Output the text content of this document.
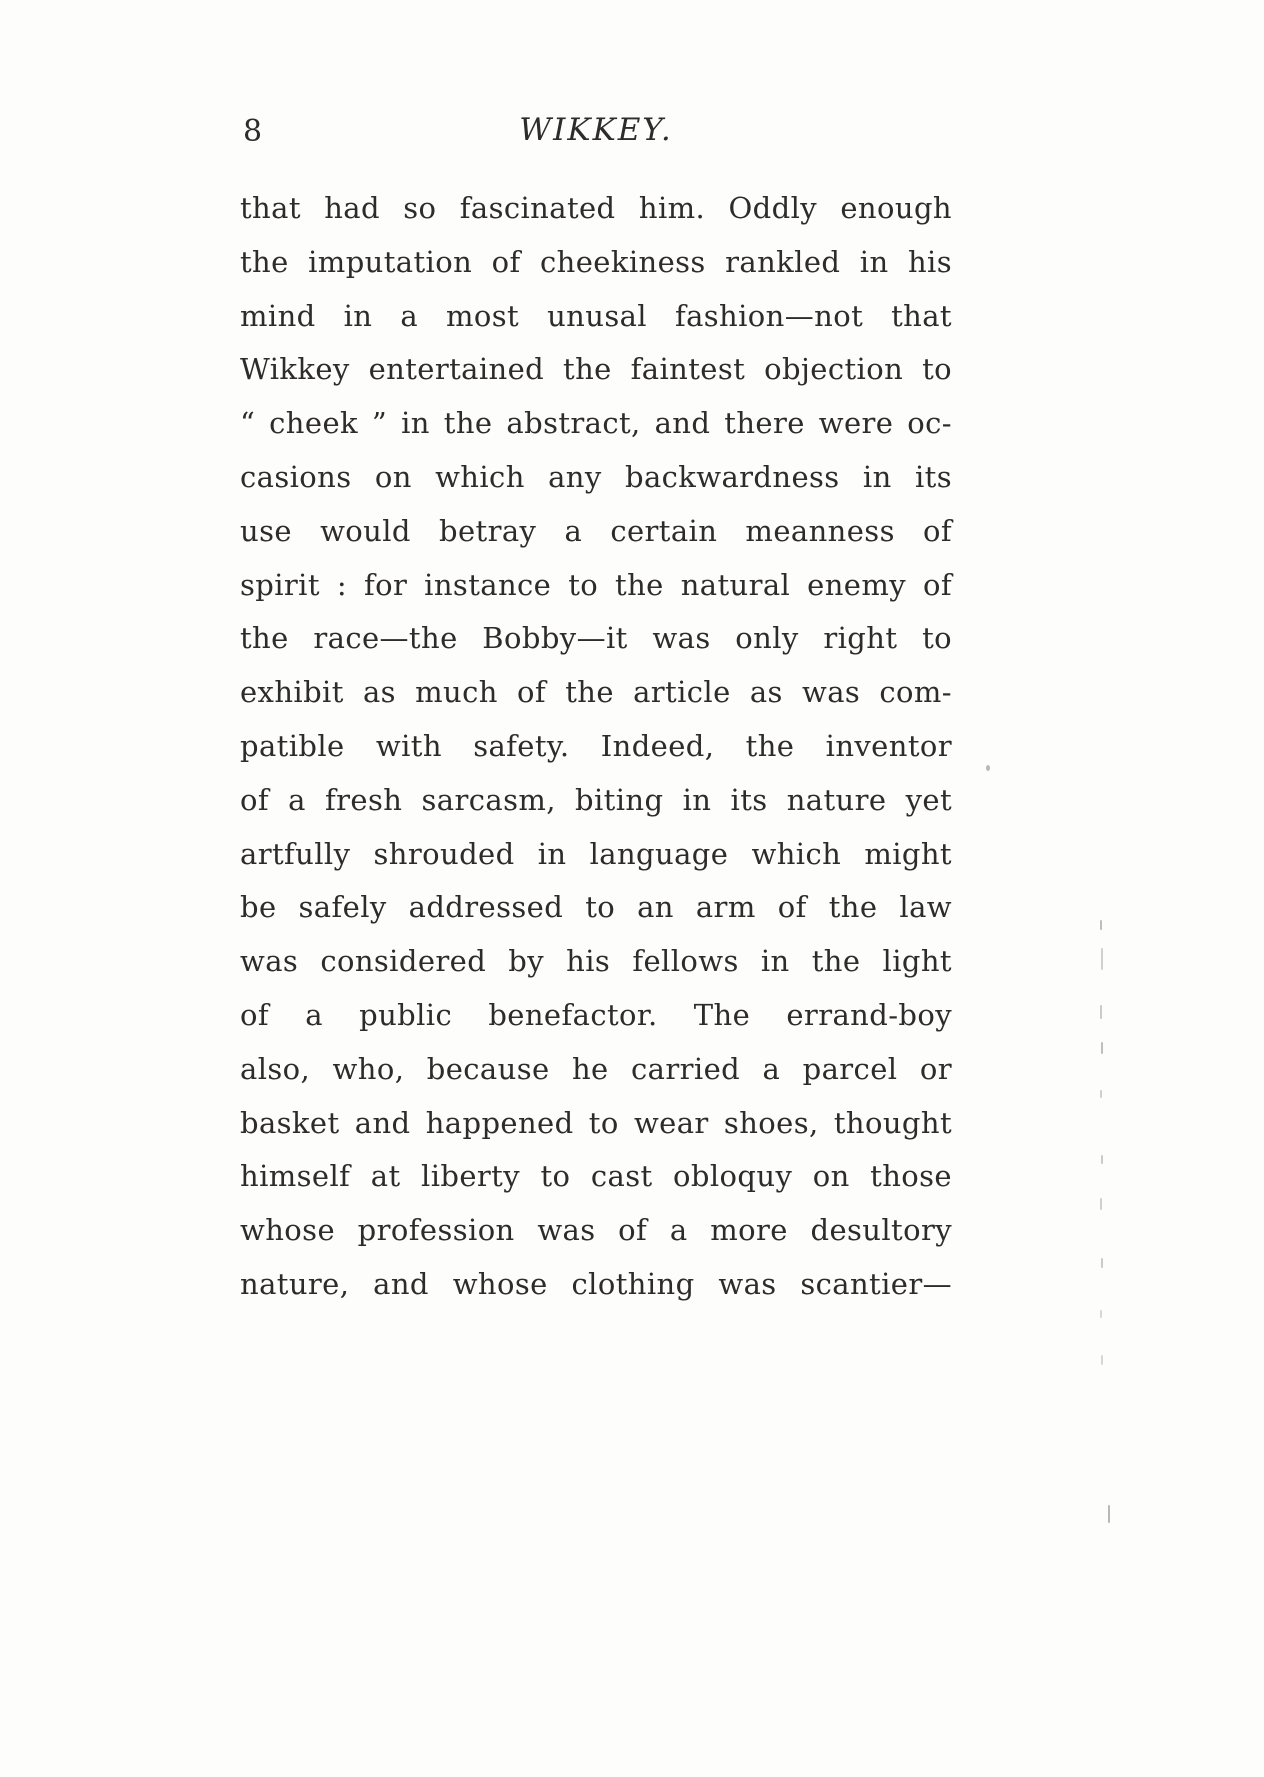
8	WIKKEY.
that had so fascinated him. Oddly enough
the imputation of cheekiness rankled in his
mind in a most unusal fashion—not that
Wikkey entertained the faintest objection to
“ cheek ” in the abstract, and there were oc-
casions on which any backwardness in its
use would betray a certain meanness of
spirit : for instance to the natural enemy of
the race—the Bobby—it was only right to
exhibit as much of the article as was com-
patible with safety. Indeed, the inventor
of a fresh sarcasm, biting in its nature yet
artfully shrouded in language which might
be safely addressed to an arm of the law
was considered by his fellows in the light
of a public benefactor. The errand-boy
also, who, because he carried a parcel or
basket and happened to wear shoes, thought
himself at liberty to cast obloquy on those
whose profession was of a more desultory
nature, and whose clothing was scantier—
